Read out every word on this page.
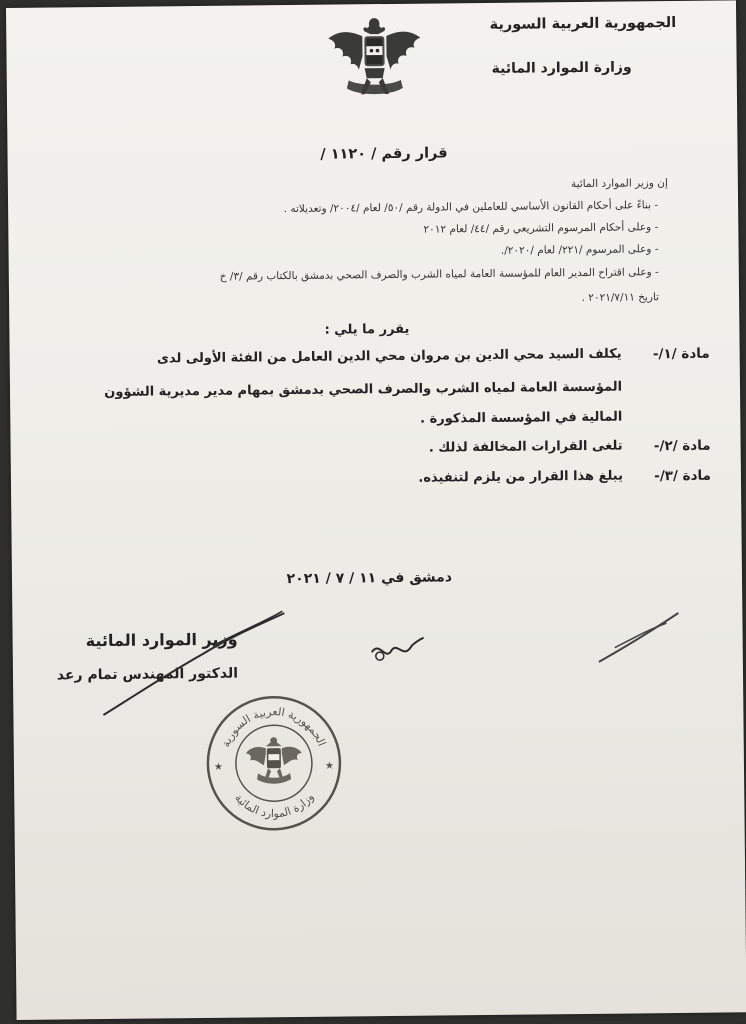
الجمهورية العربية السورية
وزارة الموارد المائية
قرار رقم / ١١٢٠ /
إن وزير الموارد المائية
- بناءً على أحكام القانون الأساسي للعاملين في الدولة رقم /٥٠/ لعام /٢٠٠٤/ وتعديلاته .
- وعلى أحكام المرسوم التشريعي رقم /٤٤/ لعام ٢٠١٢
- وعلى المرسوم /٢٢١/ لعام /٢٠٢٠/.
- وعلى اقتراح المدير العام للمؤسسة العامة لمياه الشرب والصرف الصحي بدمشق بالكتاب رقم /٣/ خ
تاريخ ٢٠٢١/٧/١١ .
يقرر ما يلي :
مادة /١/-
يكلف السيد محي الدين بن مروان محي الدين العامل من الفئة الأولى لدى
المؤسسة العامة لمياه الشرب والصرف الصحي بدمشق بمهام مدير مديرية الشؤون
المالية في المؤسسة المذكورة .
مادة /٢/-
تلغى القرارات المخالفة لذلك .
مادة /٣/-
يبلغ هذا القرار من يلزم لتنفيذه.
دمشق في ١١ / ٧ / ٢٠٢١
وزير الموارد المائية
الدكتور المهندس تمام رعد
الجمهورية العربية السورية
وزارة الموارد المائية
★	★
